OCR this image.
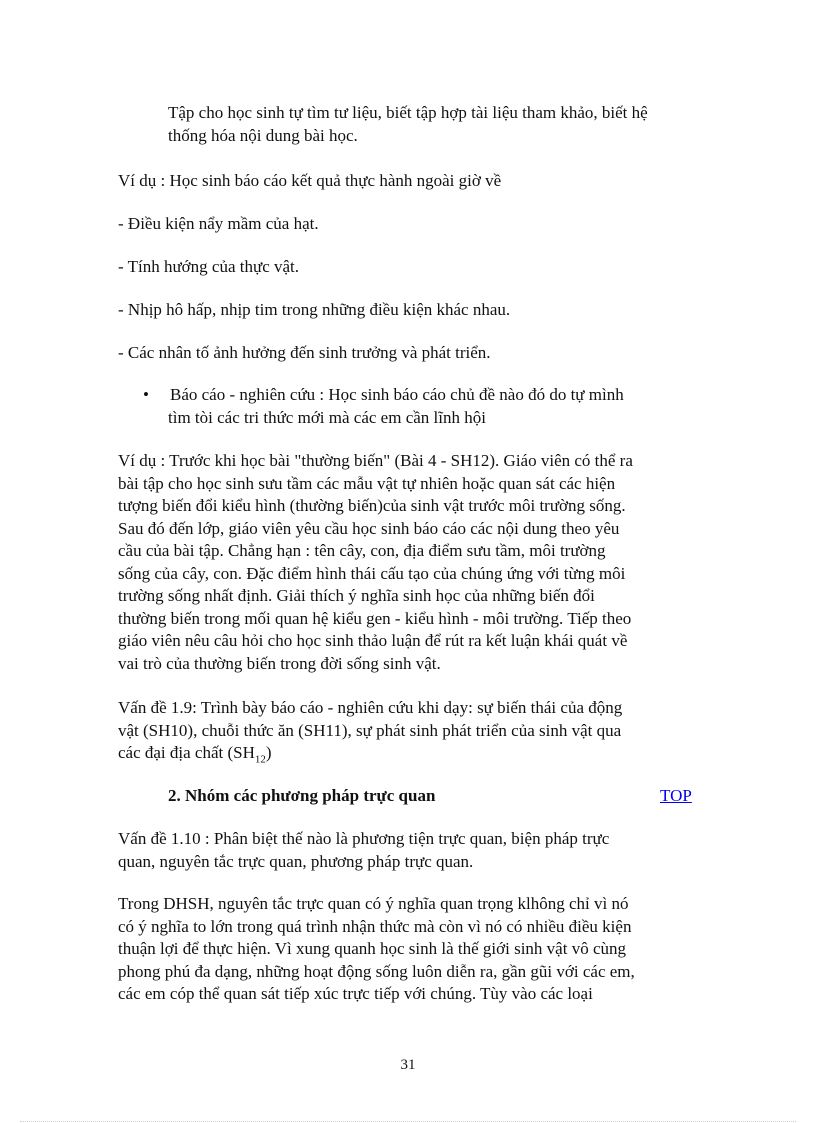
Tập cho học sinh tự tìm tư liệu, biết tập hợp tài liệu tham khảo, biết hệ
thống hóa nội dung bài học.
Ví dụ : Học sinh báo cáo kết quả thực hành ngoài giờ về
- Điều kiện nẩy mầm của hạt.
- Tính hướng của thực vật.
- Nhịp hô hấp, nhịp tim trong những điều kiện khác nhau.
- Các nhân tố ảnh hưởng đến sinh trưởng và phát triển.
• Báo cáo - nghiên cứu : Học sinh báo cáo chủ đề nào đó do tự mình
tìm tòi các tri thức mới mà các em cần lĩnh hội
Ví dụ : Trước khi học bài "thường biến" (Bài 4 - SH12). Giáo viên có thể ra
bài tập cho học sinh sưu tầm các mẫu vật tự nhiên hoặc quan sát các hiện
tượng biến đổi kiểu hình (thường biến)của sinh vật trước môi trường sống.
Sau đó đến lớp, giáo viên yêu cầu học sinh báo cáo các nội dung theo yêu
cầu của bài tập. Chẳng hạn : tên cây, con, địa điểm sưu tầm, môi trường
sống của cây, con. Đặc điểm hình thái cấu tạo của chúng ứng với từng môi
trường sống nhất định. Giải thích ý nghĩa sinh học của những biến đổi
thường biến trong mối quan hệ kiểu gen - kiểu hình - môi trường. Tiếp theo
giáo viên nêu câu hỏi cho học sinh thảo luận để rút ra kết luận khái quát về
vai trò của thường biến trong đời sống sinh vật.
Vấn đề 1.9: Trình bày báo cáo - nghiên cứu khi dạy: sự biến thái của động
vật (SH10), chuỗi thức ăn (SH11), sự phát sinh phát triển của sinh vật qua
các đại địa chất $(SH_{12})$
2. Nhóm các phương pháp trực quan	TOP
Vấn đề 1.10 : Phân biệt thế nào là phương tiện trực quan, biện pháp trực
quan, nguyên tắc trực quan, phương pháp trực quan.
Trong DHSH, nguyên tắc trực quan có ý nghĩa quan trọng klhông chỉ vì nó
có ý nghĩa to lớn trong quá trình nhận thức mà còn vì nó có nhiều điều kiện
thuận lợi để thực hiện. Vì xung quanh học sinh là thế giới sinh vật vô cùng
phong phú đa dạng, những hoạt động sống luôn diễn ra, gần gũi với các em,
các em cóp thể quan sát tiếp xúc trực tiếp với chúng. Tùy vào các loại
31
